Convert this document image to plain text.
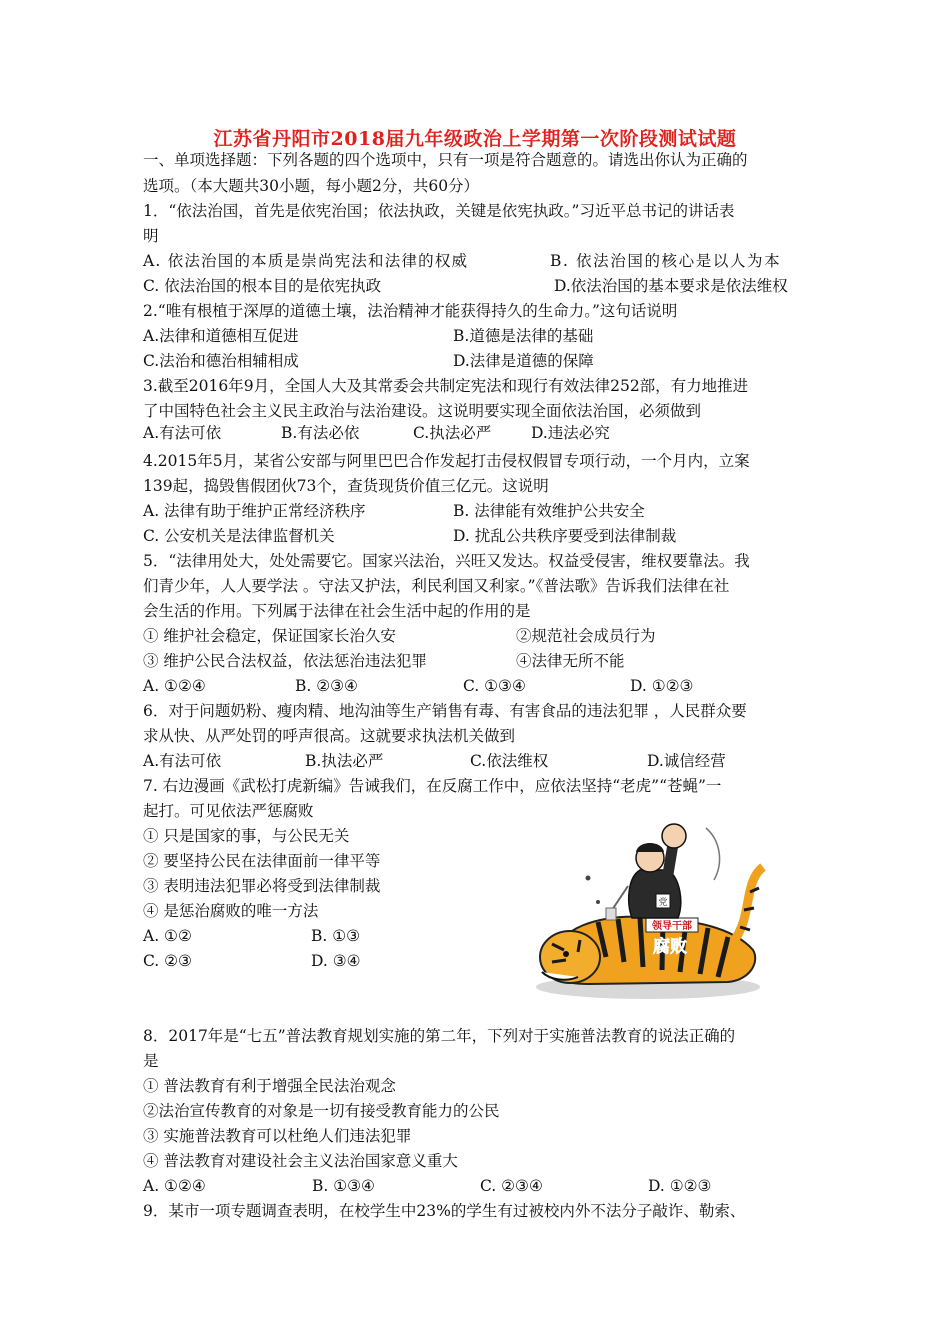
江苏省丹阳市2018届九年级政治上学期第一次阶段测试试题
一、单项选择题：下列各题的四个选项中，只有一项是符合题意的。请选出你认为正确的
选项。（本大题共30小题，每小题2分，共60分）
1．“依法治国，首先是依宪治国；依法执政，关键是依宪执政。”习近平总书记的讲话表
明
A. 依法治国的本质是崇尚宪法和法律的权威	B. 依法治国的核心是以人为本
C. 依法治国的根本目的是依宪执政	D.依法治国的基本要求是依法维权
2.“唯有根植于深厚的道德土壤，法治精神才能获得持久的生命力。”这句话说明
A.法律和道德相互促进	B.道德是法律的基础
C.法治和德治相辅相成	D.法律是道德的保障
3.截至2016年9月，全国人大及其常委会共制定宪法和现行有效法律252部，有力地推进
了中国特色社会主义民主政治与法治建设。这说明要实现全面依法治国，必须做到
A.有法可依	B.有法必依	C.执法必严	D.违法必究
4.2015年5月，某省公安部与阿里巴巴合作发起打击侵权假冒专项行动，一个月内，立案
139起，捣毁售假团伙73个，查货现货价值三亿元。这说明
A. 法律有助于维护正常经济秩序	B. 法律能有效维护公共安全
C. 公安机关是法律监督机关	D. 扰乱公共秩序要受到法律制裁
5．“法律用处大，处处需要它。国家兴法治，兴旺又发达。权益受侵害，维权要靠法。我
们青少年，人人要学法 。守法又护法，利民利国又利家。”《普法歌》告诉我们法律在社
会生活的作用。下列属于法律在社会生活中起的作用的是
① 维护社会稳定，保证国家长治久安	②规范社会成员行为
③ 维护公民合法权益，依法惩治违法犯罪	④法律无所不能
A. ①②④	B. ②③④	C. ①③④	D. ①②③
6．对于问题奶粉、瘦肉精、地沟油等生产销售有毒、有害食品的违法犯罪 ，人民群众要
求从快、从严处罚的呼声很高。这就要求执法机关做到
A.有法可依	B.执法必严	C.依法维权	D.诚信经营
7. 右边漫画《武松打虎新编》告诫我们，在反腐工作中，应依法坚持“老虎”“苍蝇”一
起打。可见依法严惩腐败
① 只是国家的事，与公民无关
② 要坚持公民在法律面前一律平等
③ 表明违法犯罪必将受到法律制裁
④ 是惩治腐败的唯一方法
A. ①②	B. ①③
C. ②③	D. ③④
领导干部
腐败
党
8．2017年是“七五”普法教育规划实施的第二年，下列对于实施普法教育的说法正确的
是
① 普法教育有利于增强全民法治观念
②法治宣传教育的对象是一切有接受教育能力的公民
③ 实施普法教育可以杜绝人们违法犯罪
④ 普法教育对建设社会主义法治国家意义重大
A. ①②④	B. ①③④	C. ②③④	D. ①②③
9．某市一项专题调查表明，在校学生中23%的学生有过被校内外不法分子敲诈、勒索、
